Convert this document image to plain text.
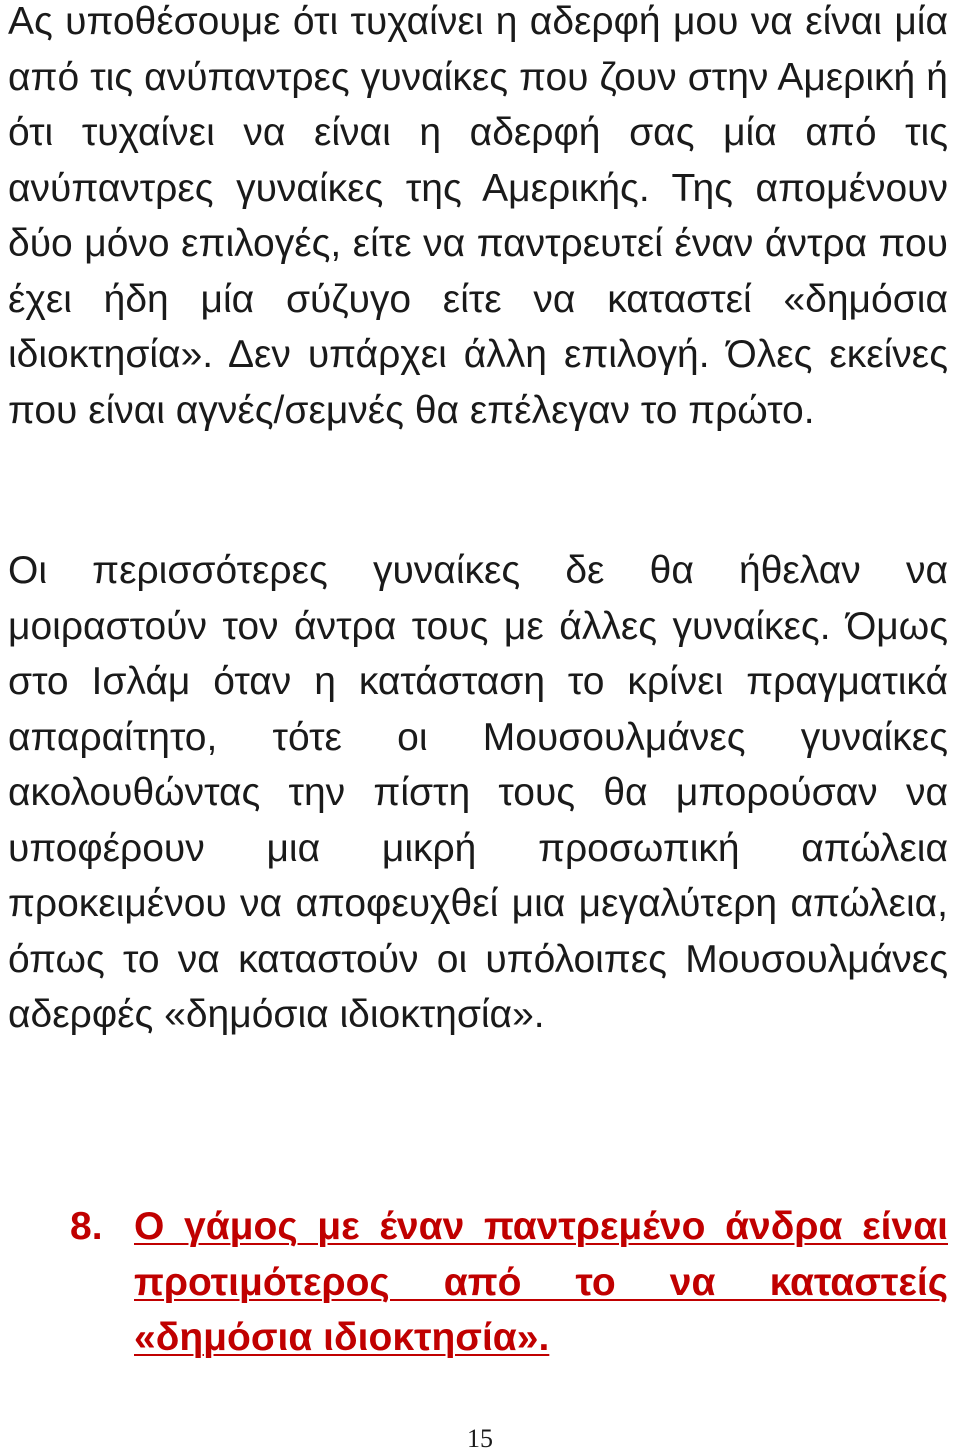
Ας υποθέσουμε ότι τυχαίνει η αδερφή μου να είναι μία από τις ανύπαντρες γυναίκες που ζουν στην Αμερική ή ότι τυχαίνει να είναι η αδερφή σας μία από τις ανύπαντρες γυναίκες της Αμερικής. Της απομένουν δύο μόνο επιλογές, είτε να παντρευτεί έναν άντρα που έχει ήδη μία σύζυγο είτε να καταστεί «δημόσια ιδιοκτησία». Δεν υπάρχει άλλη επιλογή. Όλες εκείνες που είναι αγνές/σεμνές θα επέλεγαν το πρώτο.

Οι περισσότερες γυναίκες δε θα ήθελαν να μοιραστούν τον άντρα τους με άλλες γυναίκες. Όμως στο Ισλάμ όταν η κατάσταση το κρίνει πραγματικά απαραίτητο, τότε οι Μουσουλμάνες γυναίκες ακολουθώντας την πίστη τους θα μπορούσαν να υποφέρουν μια μικρή προσωπική απώλεια προκειμένου να αποφευχθεί μια μεγαλύτερη απώλεια, όπως το να καταστούν οι υπόλοιπες Μουσουλμάνες αδερφές «δημόσια ιδιοκτησία».

8. Ο γάμος με έναν παντρεμένο άνδρα είναι προτιμότερος από το να καταστείς «δημόσια ιδιοκτησία».
15
